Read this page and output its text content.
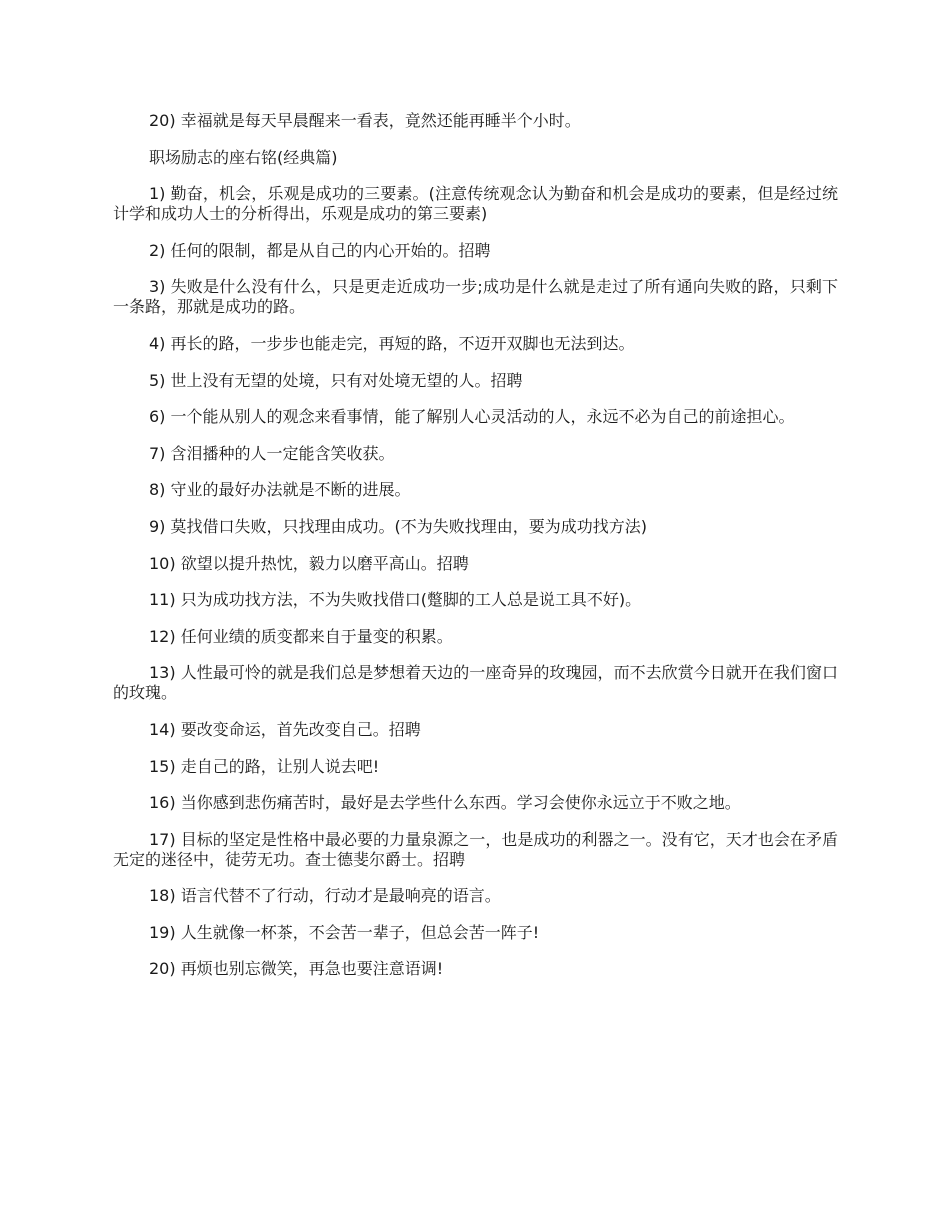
20) 幸福就是每天早晨醒来一看表，竟然还能再睡半个小时。

职场励志的座右铭(经典篇)

1) 勤奋，机会，乐观是成功的三要素。(注意传统观念认为勤奋和机会是成功的要素，但是经过统计学和成功人士的分析得出，乐观是成功的第三要素)

2) 任何的限制，都是从自己的内心开始的。招聘

3) 失败是什么没有什么，只是更走近成功一步;成功是什么就是走过了所有通向失败的路，只剩下一条路，那就是成功的路。

4) 再长的路，一步步也能走完，再短的路，不迈开双脚也无法到达。

5) 世上没有无望的处境，只有对处境无望的人。招聘

6) 一个能从别人的观念来看事情，能了解别人心灵活动的人，永远不必为自己的前途担心。

7) 含泪播种的人一定能含笑收获。

8) 守业的最好办法就是不断的进展。

9) 莫找借口失败，只找理由成功。(不为失败找理由，要为成功找方法)

10) 欲望以提升热忱，毅力以磨平高山。招聘

11) 只为成功找方法，不为失败找借口(蹩脚的工人总是说工具不好)。

12) 任何业绩的质变都来自于量变的积累。

13) 人性最可怜的就是我们总是梦想着天边的一座奇异的玫瑰园，而不去欣赏今日就开在我们窗口的玫瑰。

14) 要改变命运，首先改变自己。招聘

15) 走自己的路，让别人说去吧!

16) 当你感到悲伤痛苦时，最好是去学些什么东西。学习会使你永远立于不败之地。

17) 目标的坚定是性格中最必要的力量泉源之一，也是成功的利器之一。没有它，天才也会在矛盾无定的迷径中，徒劳无功。查士德斐尔爵士。招聘

18) 语言代替不了行动，行动才是最响亮的语言。

19) 人生就像一杯茶，不会苦一辈子，但总会苦一阵子!

20) 再烦也别忘微笑，再急也要注意语调!
